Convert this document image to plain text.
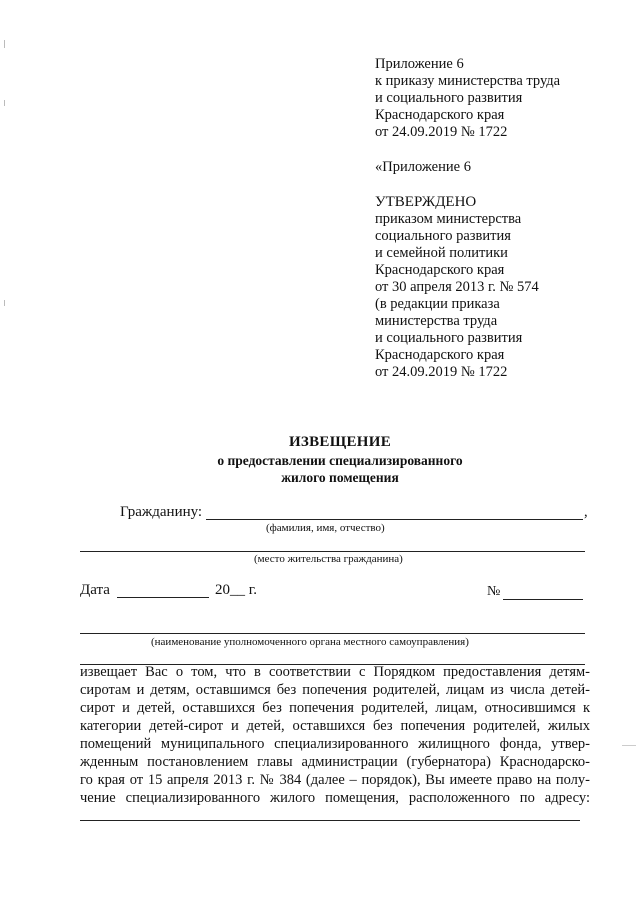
Приложение 6
к приказу министерства труда
и социального развития
Краснодарского края
от 24.09.2019 № 1722
«Приложение 6
УТВЕРЖДЕНО
приказом министерства
социального развития
и семейной политики
Краснодарского края
от 30 апреля 2013 г. № 574
(в редакции приказа
министерства труда
и социального развития
Краснодарского края
от 24.09.2019 № 1722
ИЗВЕЩЕНИЕ
о предоставлении специализированного
жилого помещения
Гражданину:	,
(фамилия, имя, отчество)
(место жительства гражданина)
Дата	20__ г.	№
(наименование уполномоченного органа местного самоуправления)
извещает Вас о том, что в соответствии с Порядком предоставления детям-
сиротам и детям, оставшимся без попечения родителей, лицам из числа детей-
сирот и детей, оставшихся без попечения родителей, лицам, относившимся к
категории детей-сирот и детей, оставшихся без попечения родителей, жилых
помещений муниципального специализированного жилищного фонда, утвер-
жденным постановлением главы администрации (губернатора) Краснодарско-
го края от 15 апреля 2013 г. № 384 (далее – порядок), Вы имеете право на полу-
чение специализированного жилого помещения, расположенного по адресу:
